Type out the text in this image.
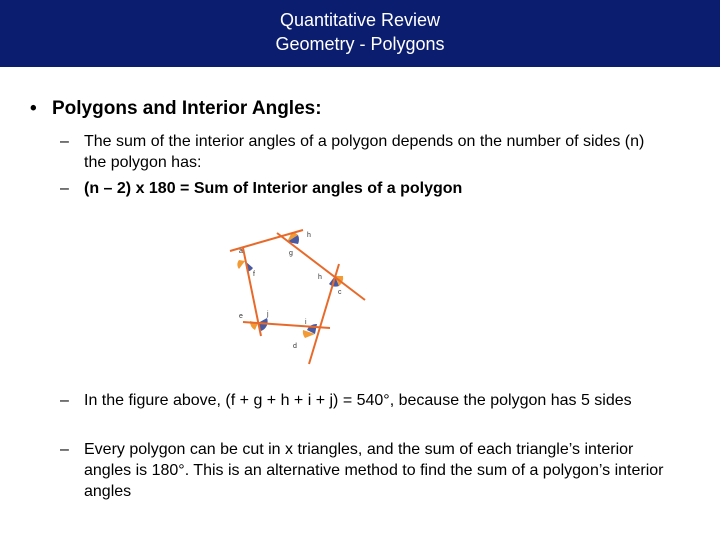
Quantitative Review
Geometry - Polygons
• Polygons and Interior Angles:
– The sum of the interior angles of a polygon depends on the number of sides (n) the polygon has:
– (n – 2) x 180 = Sum of Interior angles of a polygon
a
h
g
f	h
c
e	j
i
d
– In the figure above, (f + g + h + i + j) = 540°, because the polygon has 5 sides
– Every polygon can be cut in x triangles, and the sum of each triangle’s interior angles is 180°. This is an alternative method to find the sum of a polygon’s interior angles
